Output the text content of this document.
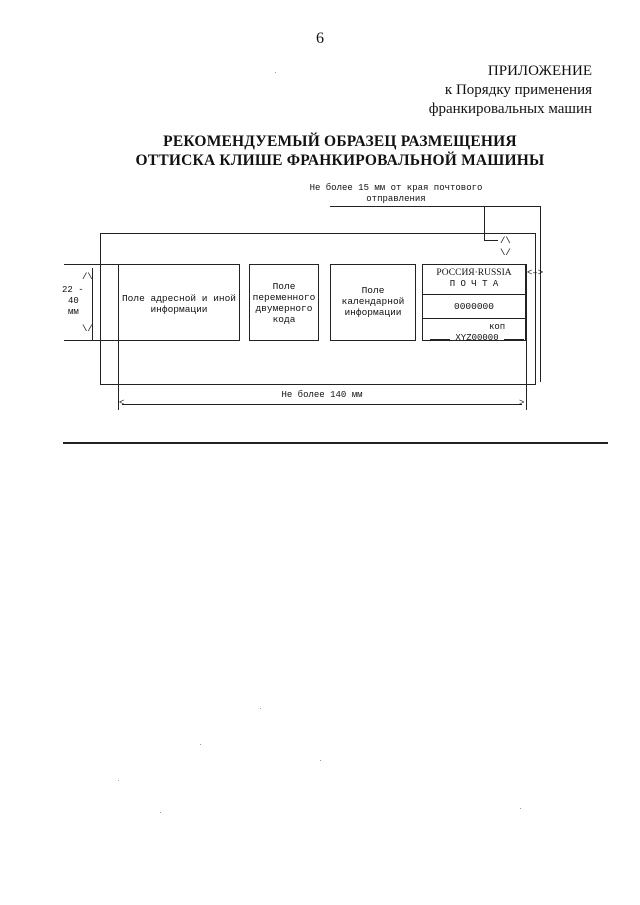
6
ПРИЛОЖЕНИЕ
к Порядку применения
франкировальных машин
РЕКОМЕНДУЕМЫЙ ОБРАЗЕЦ РАЗМЕЩЕНИЯ
ОТТИСКА КЛИШЕ ФРАНКИРОВАЛЬНОЙ МАШИНЫ
Не более 15 мм от края почтового
отправления
/\
\/
<–>
/\
22 -
40
мм
\/
Поле адресной и иной информации
Поле переменного двумерного кода
Поле календарной информации
РОССИЯ·RUSSIA
П О Ч Т А
0000000
коп
XYZ00000
Не более 140 мм
<	>
